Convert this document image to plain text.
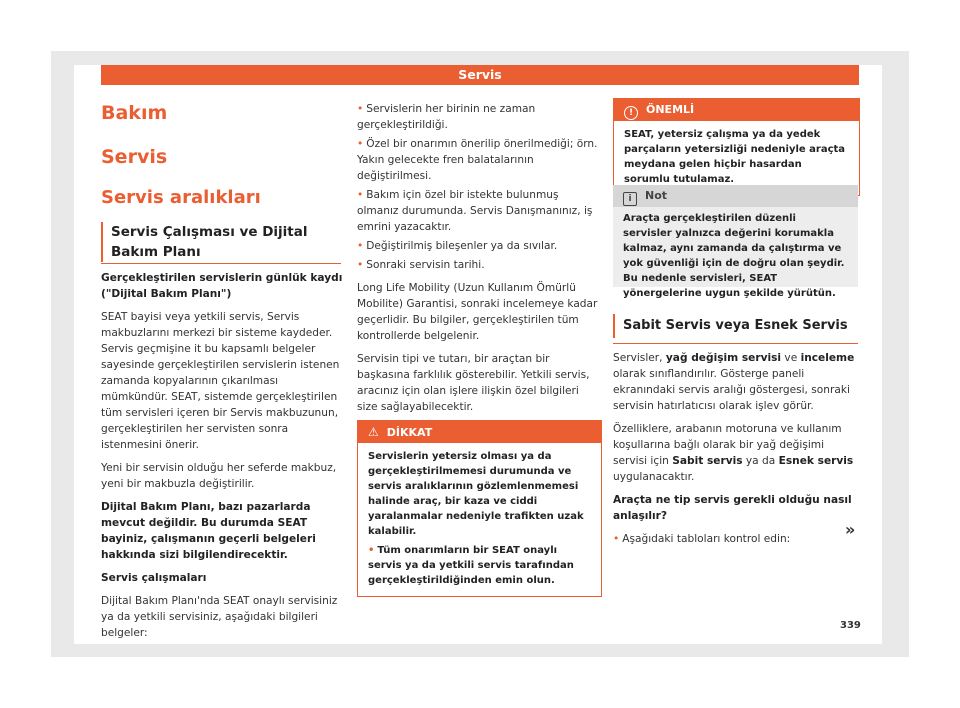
Servis
Bakım
Servis
Servis aralıkları
Servis Çalışması ve Dijital Bakım Planı

Gerçekleştirilen servislerin günlük kaydı ("Dijital Bakım Planı")

SEAT bayisi veya yetkili servis, Servis makbuzlarını merkezi bir sisteme kaydeder. Servis geçmişine it bu kapsamlı belgeler sayesinde gerçekleştirilen servislerin istenen zamanda kopyalarının çıkarılması mümkündür. SEAT, sistemde gerçekleştirilen tüm servisleri içeren bir Servis makbuzunun, gerçekleştirilen her servisten sonra istenmesini önerir.

Yeni bir servisin olduğu her seferde makbuz, yeni bir makbuzla değiştirilir.

Dijital Bakım Planı, bazı pazarlarda mevcut değildir. Bu durumda SEAT bayiniz, çalışmanın geçerli belgeleri hakkında sizi bilgilendirecektir.

Servis çalışmaları

Dijital Bakım Planı'nda SEAT onaylı servisiniz ya da yetkili servisiniz, aşağıdaki bilgileri belgeler:

• Servislerin her birinin ne zaman gerçekleştirildiği.

• Özel bir onarımın önerilip önerilmediği; örn. Yakın gelecekte fren balatalarının değiştirilmesi.

• Bakım için özel bir istekte bulunmuş olmanız durumunda. Servis Danışmanınız, iş emrini yazacaktır.

• Değiştirilmiş bileşenler ya da sıvılar.

• Sonraki servisin tarihi.

Long Life Mobility (Uzun Kullanım Ömürlü Mobilite) Garantisi, sonraki incelemeye kadar geçerlidir. Bu bilgiler, gerçekleştirilen tüm kontrollerde belgelenir.

Servisin tipi ve tutarı, bir araçtan bir başkasına farklılık gösterebilir. Yetkili servis, aracınız için olan işlere ilişkin özel bilgileri size sağlayabilecektir.

⚠ DİKKAT
Servislerin yetersiz olması ya da gerçekleştirilmemesi durumunda ve servis aralıklarının gözlemlenmemesi halinde araç, bir kaza ve ciddi yaralanmalar nedeniyle trafikten uzak kalabilir.
• Tüm onarımların bir SEAT onaylı servis ya da yetkili servis tarafından gerçekleştirildiğinden emin olun.
! ÖNEMLİ
SEAT, yetersiz çalışma ya da yedek parçaların yetersizliği nedeniyle araçta meydana gelen hiçbir hasardan sorumlu tutulamaz.
i Not
Araçta gerçekleştirilen düzenli servisler yalnızca değerini korumakla kalmaz, aynı zamanda da çalıştırma ve yok güvenliği için de doğru olan şeydir. Bu nedenle servisleri, SEAT yönergelerine uygun şekilde yürütün.
Sabit Servis veya Esnek Servis

Servisler, yağ değişim servisi ve inceleme olarak sınıflandırılır. Gösterge paneli ekranındaki servis aralığı göstergesi, sonraki servisin hatırlatıcısı olarak işlev görür.

Özelliklere, arabanın motoruna ve kullanım koşullarına bağlı olarak bir yağ değişimi servisi için Sabit servis ya da Esnek servis uygulanacaktır.

Araçta ne tip servis gerekli olduğu nasıl anlaşılır?

• Aşağıdaki tabloları kontrol edin:	»
339
